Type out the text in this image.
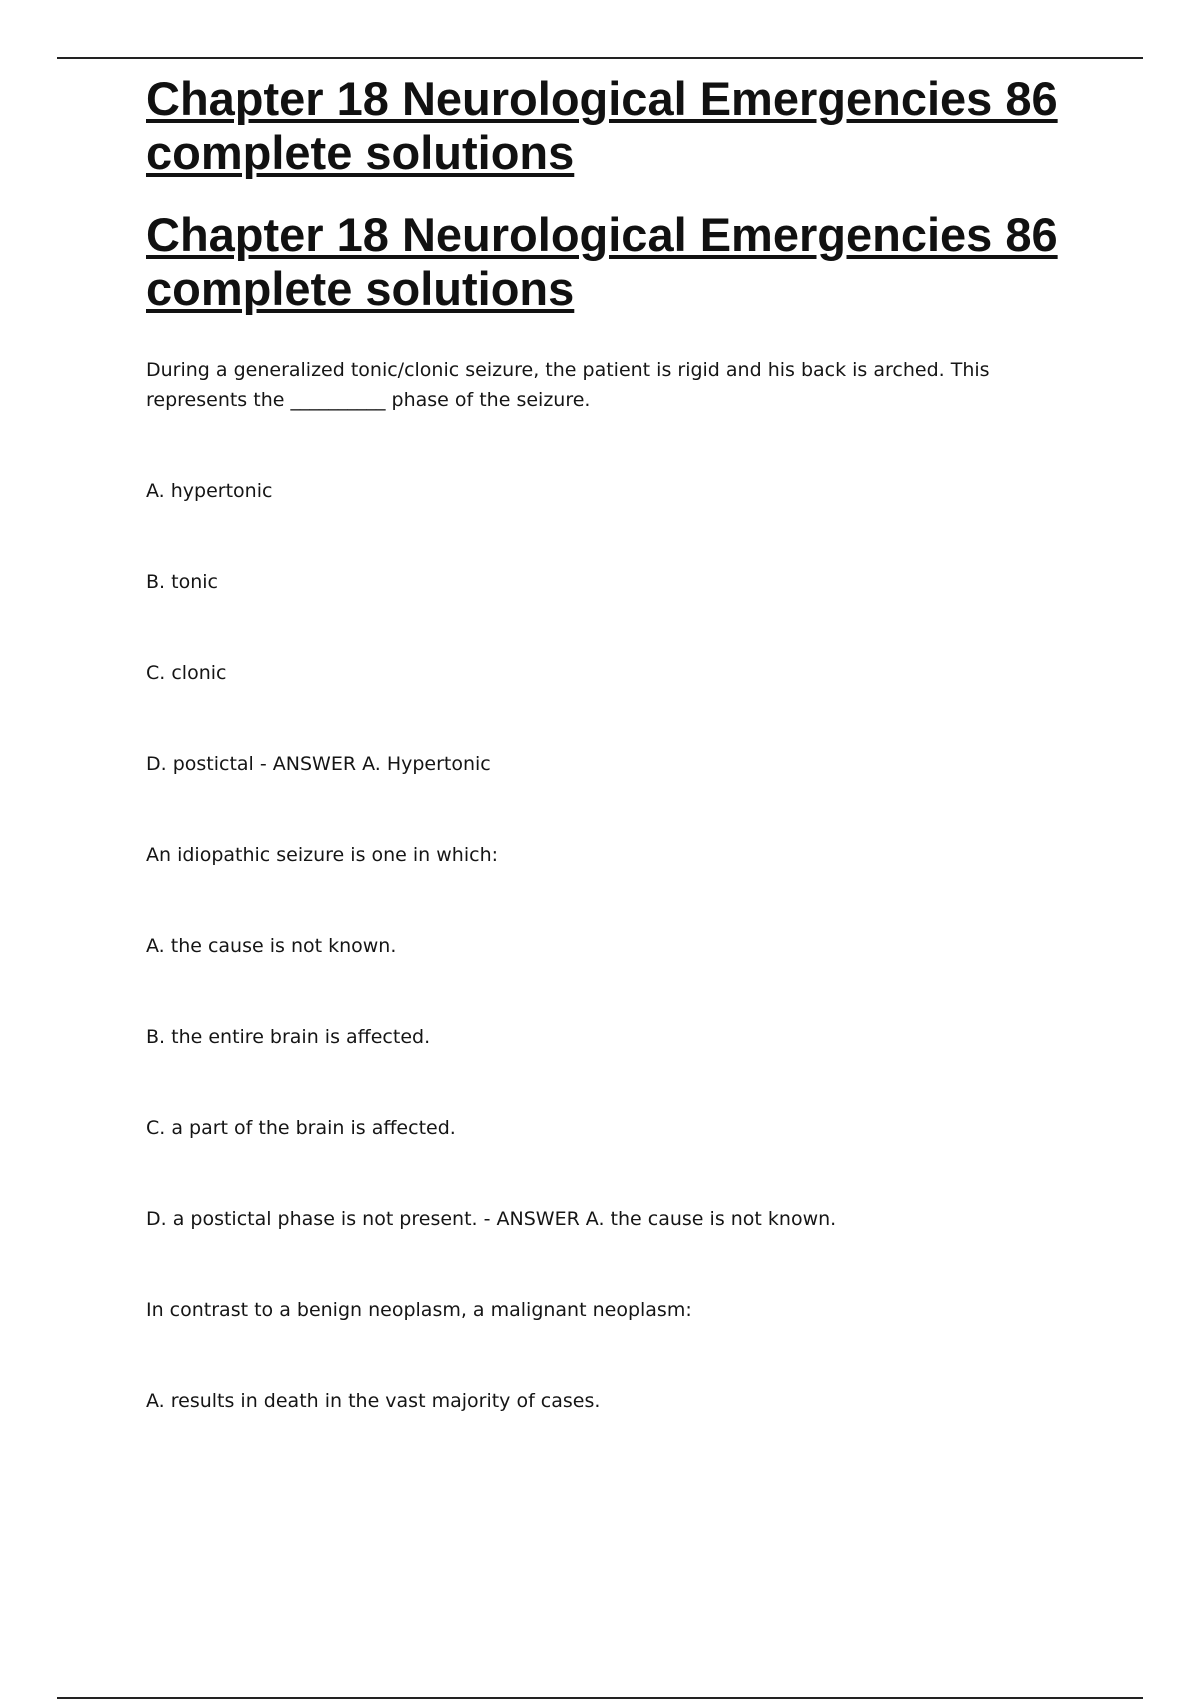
Chapter 18 Neurological Emergencies 86 complete solutions
Chapter 18 Neurological Emergencies 86 complete solutions

During a generalized tonic/clonic seizure, the patient is rigid and his back is arched. This represents the __________ phase of the seizure.

A. hypertonic

B. tonic

C. clonic

D. postictal - ANSWER A. Hypertonic

An idiopathic seizure is one in which:

A. the cause is not known.

B. the entire brain is affected.

C. a part of the brain is affected.

D. a postictal phase is not present. - ANSWER A. the cause is not known.

In contrast to a benign neoplasm, a malignant neoplasm:

A. results in death in the vast majority of cases.
